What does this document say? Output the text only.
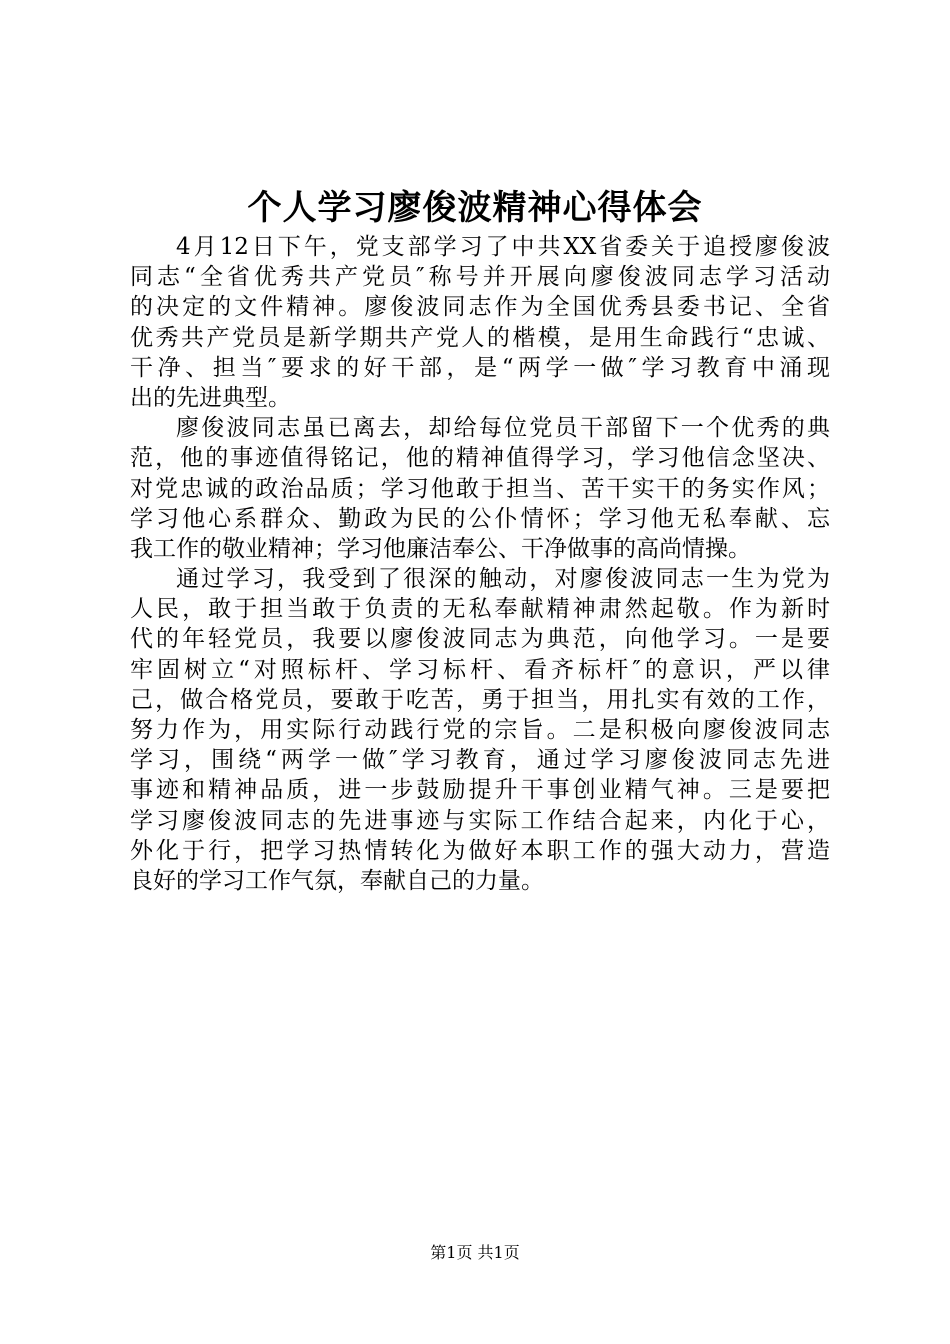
个人学习廖俊波精神心得体会
4月12日下午，党支部学习了中共XX省委关于追授廖俊波
同志“全省优秀共产党员″称号并开展向廖俊波同志学习活动
的决定的文件精神。廖俊波同志作为全国优秀县委书记、全省
优秀共产党员是新学期共产党人的楷模，是用生命践行“忠诚、
干净、担当″要求的好干部，是“两学一做″学习教育中涌现
出的先进典型。
廖俊波同志虽已离去，却给每位党员干部留下一个优秀的典
范，他的事迹值得铭记，他的精神值得学习，学习他信念坚决、
对党忠诚的政治品质；学习他敢于担当、苦干实干的务实作风；
学习他心系群众、勤政为民的公仆情怀；学习他无私奉献、忘
我工作的敬业精神；学习他廉洁奉公、干净做事的高尚情操。
通过学习，我受到了很深的触动，对廖俊波同志一生为党为
人民，敢于担当敢于负责的无私奉献精神肃然起敬。作为新时
代的年轻党员，我要以廖俊波同志为典范，向他学习。一是要
牢固树立“对照标杆、学习标杆、看齐标杆″的意识，严以律
己，做合格党员，要敢于吃苦，勇于担当，用扎实有效的工作，
努力作为，用实际行动践行党的宗旨。二是积极向廖俊波同志
学习，围绕“两学一做″学习教育，通过学习廖俊波同志先进
事迹和精神品质，进一步鼓励提升干事创业精气神。三是要把
学习廖俊波同志的先进事迹与实际工作结合起来，内化于心，
外化于行，把学习热情转化为做好本职工作的强大动力，营造
良好的学习工作气氛，奉献自己的力量。
第1页 共1页
